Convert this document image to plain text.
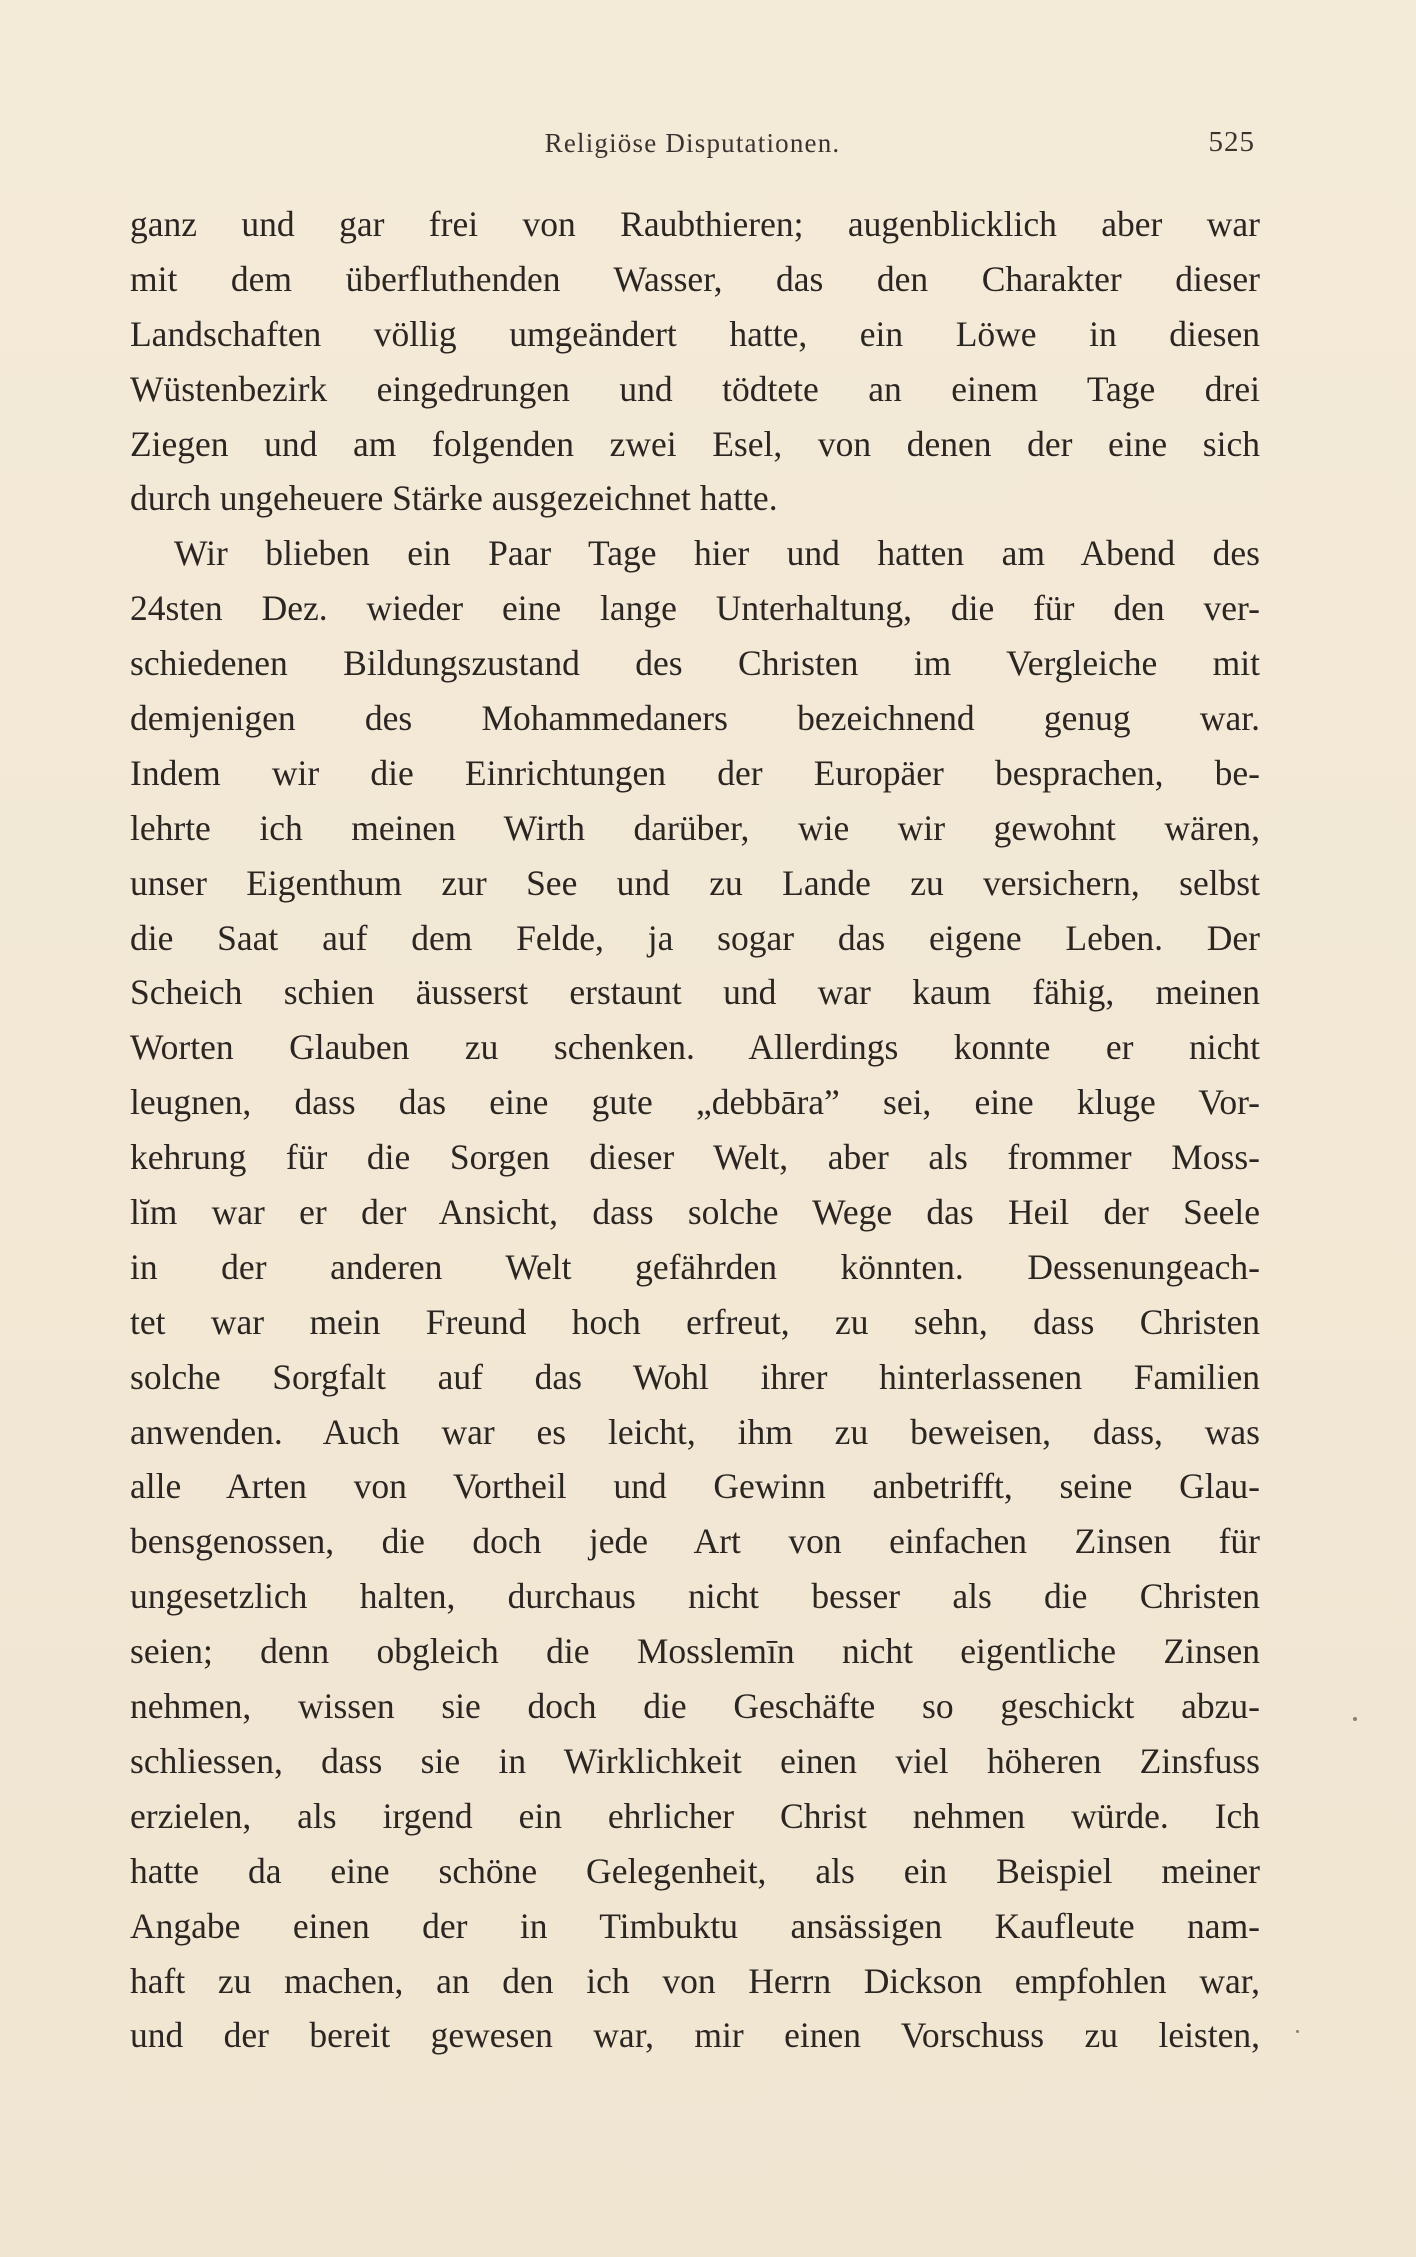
Religiöse Disputationen.	525
ganz und gar frei von Raubthieren; augenblicklich aber war
mit dem überfluthenden Wasser, das den Charakter dieser
Landschaften völlig umgeändert hatte, ein Löwe in diesen
Wüstenbezirk eingedrungen und tödtete an einem Tage drei
Ziegen und am folgenden zwei Esel, von denen der eine sich
durch ungeheuere Stärke ausgezeichnet hatte.
Wir blieben ein Paar Tage hier und hatten am Abend des
24sten Dez. wieder eine lange Unterhaltung, die für den ver-
schiedenen Bildungszustand des Christen im Vergleiche mit
demjenigen des Mohammedaners bezeichnend genug war.
Indem wir die Einrichtungen der Europäer besprachen, be-
lehrte ich meinen Wirth darüber, wie wir gewohnt wären,
unser Eigenthum zur See und zu Lande zu versichern, selbst
die Saat auf dem Felde, ja sogar das eigene Leben. Der
Scheich schien äusserst erstaunt und war kaum fähig, meinen
Worten Glauben zu schenken. Allerdings konnte er nicht
leugnen, dass das eine gute „debbāra” sei, eine kluge Vor-
kehrung für die Sorgen dieser Welt, aber als frommer Moss-
lĭm war er der Ansicht, dass solche Wege das Heil der Seele
in der anderen Welt gefährden könnten. Dessenungeach-
tet war mein Freund hoch erfreut, zu sehn, dass Christen
solche Sorgfalt auf das Wohl ihrer hinterlassenen Familien
anwenden. Auch war es leicht, ihm zu beweisen, dass, was
alle Arten von Vortheil und Gewinn anbetrifft, seine Glau-
bensgenossen, die doch jede Art von einfachen Zinsen für
ungesetzlich halten, durchaus nicht besser als die Christen
seien; denn obgleich die Mosslemīn nicht eigentliche Zinsen
nehmen, wissen sie doch die Geschäfte so geschickt abzu-
schliessen, dass sie in Wirklichkeit einen viel höheren Zinsfuss
erzielen, als irgend ein ehrlicher Christ nehmen würde. Ich
hatte da eine schöne Gelegenheit, als ein Beispiel meiner
Angabe einen der in Timbuktu ansässigen Kaufleute nam-
haft zu machen, an den ich von Herrn Dickson empfohlen war,
und der bereit gewesen war, mir einen Vorschuss zu leisten,
